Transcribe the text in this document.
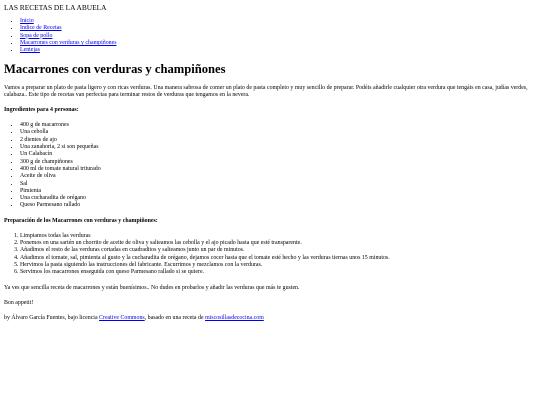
LAS RECETAS DE LA ABUELA
• Inicio
• Indice de Recetas
• Sopa de pollo
• Macarrones con verduras y champiñones
• Lentejas
Macarrones con verduras y champiñones

Vamos a preparar un plato de pasta ligero y con ricas verduras. Una manera sabrosa de comer un plato de pasta completo y muy sencillo de preparar. Podéis añadirle cualquier otra verdura que tengáis en casa, judías verdes, calabaza.. Este tipo de recetas van perfectas para terminar restos de verduras que tengamos en la nevera.

Ingredientes para 4 personas:

• 400 g de macarrones
• Una cebolla
• 2 dientes de ajo
• Una zanahoria, 2 si son pequeñas
• Un Calabacín
• 300 g de champiñones
• 400 ml de tomate natural triturado
• Aceite de oliva
• Sal
• Pimienta
• Una cucharadita de orégano
• Queso Parmesano rallado

Preparación de los Macarrones con verduras y champiñones:

1. Limpiamos todas las verduras
2. Ponemos en una sartén un chorrito de aceite de oliva y salteamos las cebolla y el ajo picado hasta que esté transparente.
3. Añadimos el resto de las verduras cortadas en cuadraditos y salteamos junto un par de minutos.
4. Añadimos el tomate, sal, pimienta al gusto y la cucharadita de orégano, dejamos cocer hasta que el tomate esté hecho y las verduras tiernas unos 15 minutos.
5. Hervimos la pasta siguiendo las instrucciones del fabricante. Escurrimos y mezclamos con la verduras.
6. Servimos los macarrones enseguida con queso Parmesano rallado si se quiere.

Ya ves que sencilla receta de macarrones y están buenísimos.. No dudes en probarlos y añadir las verduras que más te gusten.

Bon appetit!

by Álvaro García Fuentes, bajo licencia Creative Commons, basado en una receta de miscosillasdecocina.com
